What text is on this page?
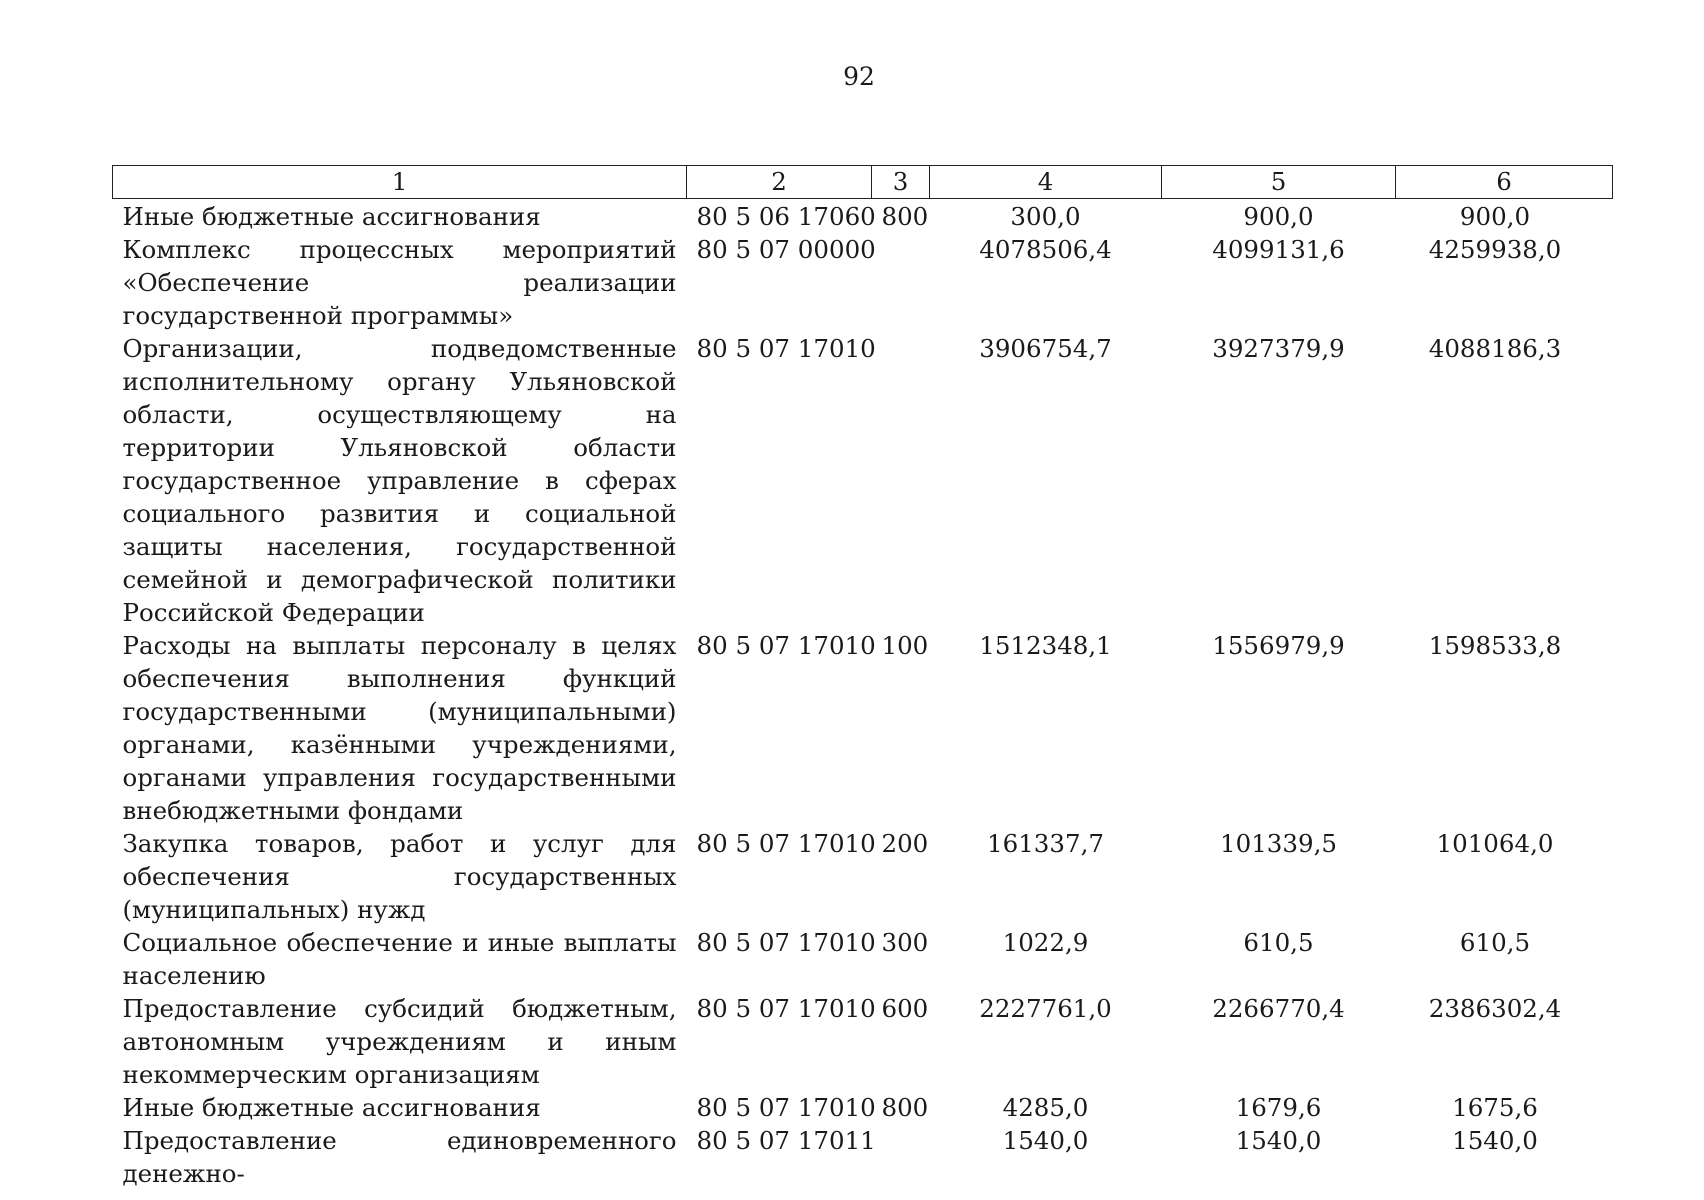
92
1	2	3	4	5	6
Иные бюджетные ассигнования	80 5 06 17060	800	300,0	900,0	900,0
Комплекс процессных мероприятий «Обеспечение реализации государственной программы»	80 5 07 00000		4078506,4	4099131,6	4259938,0
Организации, подведомственные исполнительному органу Ульяновской области, осуществляющему на территории Ульяновской области государственное управление в сферах социального развития и социальной защиты населения, государственной семейной и демографической политики Российской Федерации	80 5 07 17010		3906754,7	3927379,9	4088186,3
Расходы на выплаты персоналу в целях обеспечения выполнения функций государственными (муниципальными) органами, казёнными учреждениями, органами управления государственными внебюджетными фондами	80 5 07 17010	100	1512348,1	1556979,9	1598533,8
Закупка товаров, работ и услуг для обеспечения государственных (муниципальных) нужд	80 5 07 17010	200	161337,7	101339,5	101064,0
Социальное обеспечение и иные выплаты населению	80 5 07 17010	300	1022,9	610,5	610,5
Предоставление субсидий бюджетным, автономным учреждениям и иным некоммерческим организациям	80 5 07 17010	600	2227761,0	2266770,4	2386302,4
Иные бюджетные ассигнования	80 5 07 17010	800	4285,0	1679,6	1675,6
Предоставление единовременного денежно-	80 5 07 17011		1540,0	1540,0	1540,0
